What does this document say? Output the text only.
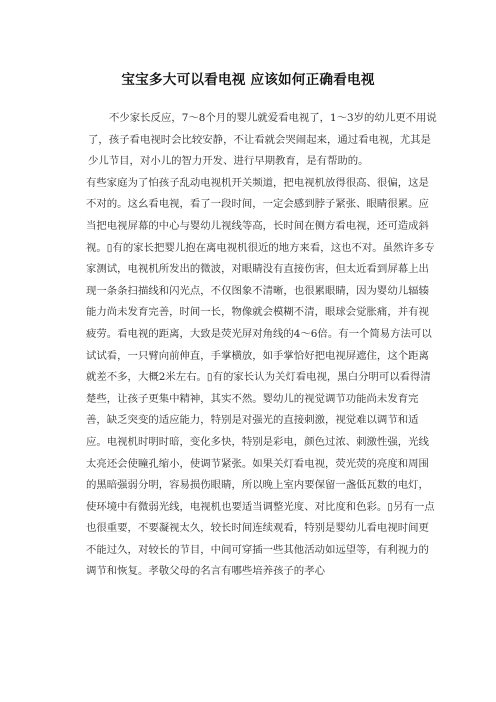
宝宝多大可以看电视 应该如何正确看电视

不少家长反应，7～8个月的婴儿就爱看电视了，1～3岁的幼儿更不用说了，孩子看电视时会比较安静，不让看就会哭闹起来，通过看电视，尤其是少儿节目，对小儿的智力开发、进行早期教育，是有帮助的。

有些家庭为了怕孩子乱动电视机开关频道，把电视机放得很高、很偏，这是不对的。这幺看电视，看了一段时间，一定会感到脖子紧张、眼睛很累。应当把电视屏幕的中心与婴幼儿视线等高，长时间在侧方看电视，还可造成斜视。▯有的家长把婴儿抱在离电视机很近的地方来看，这也不对。虽然许多专家测试，电视机所发出的微波，对眼睛没有直接伤害，但太近看到屏幕上出现一条条扫描线和闪光点，不仅图象不清晰，也很累眼睛，因为婴幼儿辐辏能力尚未发育完善，时间一长，物像就会模糊不清，眼球会觉胀痛，并有视疲劳。看电视的距离，大致是荧光屏对角线的4～6倍。有一个简易方法可以试试看，一只臂向前伸直，手掌横放，如手掌恰好把电视屏遮住，这个距离就差不多，大概2米左右。▯有的家长认为关灯看电视，黑白分明可以看得清楚些，让孩子更集中精神，其实不然。婴幼儿的视觉调节功能尚未发育完善，缺乏突变的适应能力，特别是对强光的直接刺激，视觉难以调节和适应。电视机时明时暗，变化多快，特别是彩电，颜色过浓、刺激性强，光线太亮还会使瞳孔缩小，使调节紧张。如果关灯看电视，荧光荧的亮度和周围的黑暗强弱分明，容易损伤眼睛，所以晚上室内要保留一盏低瓦数的电灯，使环境中有微弱光线，电视机也要适当调整光度、对比度和色彩。▯另有一点也很重要，不要凝视太久，较长时间连续观看，特别是婴幼儿看电视时间更不能过久，对较长的节目，中间可穿插一些其他活动如远望等，有利视力的调节和恢复。孝敬父母的名言有哪些培养孩子的孝心
